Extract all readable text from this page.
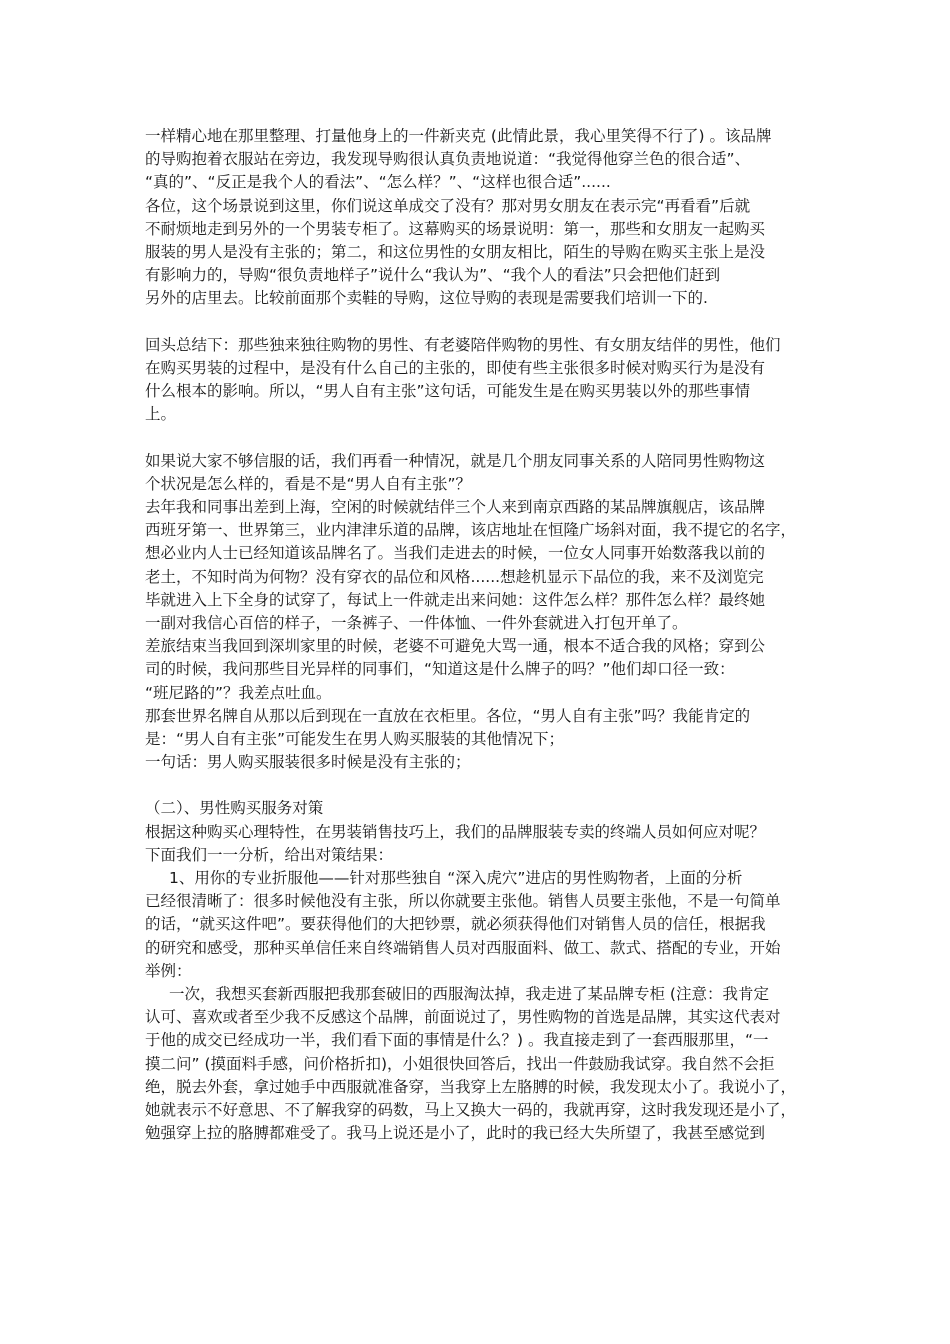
一样精心地在那里整理、打量他身上的一件新夹克 (此情此景，我心里笑得不行了) 。该品牌
的导购抱着衣服站在旁边，我发现导购很认真负责地说道：“我觉得他穿兰色的很合适”、
“真的”、“反正是我个人的看法”、“怎么样？”、“这样也很合适”......
各位，这个场景说到这里，你们说这单成交了没有？那对男女朋友在表示完“再看看”后就
不耐烦地走到另外的一个男装专柜了。这幕购买的场景说明：第一，那些和女朋友一起购买
服装的男人是没有主张的；第二，和这位男性的女朋友相比，陌生的导购在购买主张上是没
有影响力的，导购“很负责地样子”说什么“我认为”、“我个人的看法”只会把他们赶到
另外的店里去。比较前面那个卖鞋的导购，这位导购的表现是需要我们培训一下的.
回头总结下：那些独来独往购物的男性、有老婆陪伴购物的男性、有女朋友结伴的男性，他们
在购买男装的过程中，是没有什么自己的主张的，即使有些主张很多时候对购买行为是没有
什么根本的影响。所以，“男人自有主张”这句话，可能发生是在购买男装以外的那些事情
上。
如果说大家不够信服的话，我们再看一种情况，就是几个朋友同事关系的人陪同男性购物这
个状况是怎么样的，看是不是“男人自有主张”？
去年我和同事出差到上海，空闲的时候就结伴三个人来到南京西路的某品牌旗舰店，该品牌
西班牙第一、世界第三，业内津津乐道的品牌，该店地址在恒隆广场斜对面，我不提它的名字，
想必业内人士已经知道该品牌名了。当我们走进去的时候，一位女人同事开始数落我以前的
老土，不知时尚为何物？没有穿衣的品位和风格......想趁机显示下品位的我，来不及浏览完
毕就进入上下全身的试穿了，每试上一件就走出来问她：这件怎么样？那件怎么样？最终她
一副对我信心百倍的样子，一条裤子、一件体恤、一件外套就进入打包开单了。
差旅结束当我回到深圳家里的时候，老婆不可避免大骂一通，根本不适合我的风格；穿到公
司的时候，我问那些目光异样的同事们，“知道这是什么牌子的吗？”他们却口径一致：
“班尼路的”？我差点吐血。
那套世界名牌自从那以后到现在一直放在衣柜里。各位，“男人自有主张”吗？我能肯定的
是：“男人自有主张”可能发生在男人购买服装的其他情况下；
一句话：男人购买服装很多时候是没有主张的；
（二）、男性购买服务对策
根据这种购买心理特性，在男装销售技巧上，我们的品牌服装专卖的终端人员如何应对呢？
下面我们一一分析，给出对策结果：
1、用你的专业折服他——针对那些独自 “深入虎穴”进店的男性购物者，上面的分析
已经很清晰了：很多时候他没有主张，所以你就要主张他。销售人员要主张他，不是一句简单
的话，“就买这件吧”。要获得他们的大把钞票，就必须获得他们对销售人员的信任，根据我
的研究和感受，那种买单信任来自终端销售人员对西服面料、做工、款式、搭配的专业，开始
举例：
一次，我想买套新西服把我那套破旧的西服淘汰掉，我走进了某品牌专柜 (注意：我肯定
认可、喜欢或者至少我不反感这个品牌，前面说过了，男性购物的首选是品牌，其实这代表对
于他的成交已经成功一半，我们看下面的事情是什么？) 。我直接走到了一套西服那里，“一
摸二问” (摸面料手感，问价格折扣)，小姐很快回答后，找出一件鼓励我试穿。我自然不会拒
绝，脱去外套，拿过她手中西服就准备穿，当我穿上左胳膊的时候，我发现太小了。我说小了，
她就表示不好意思、不了解我穿的码数，马上又换大一码的，我就再穿，这时我发现还是小了，
勉强穿上拉的胳膊都难受了。我马上说还是小了，此时的我已经大失所望了，我甚至感觉到
